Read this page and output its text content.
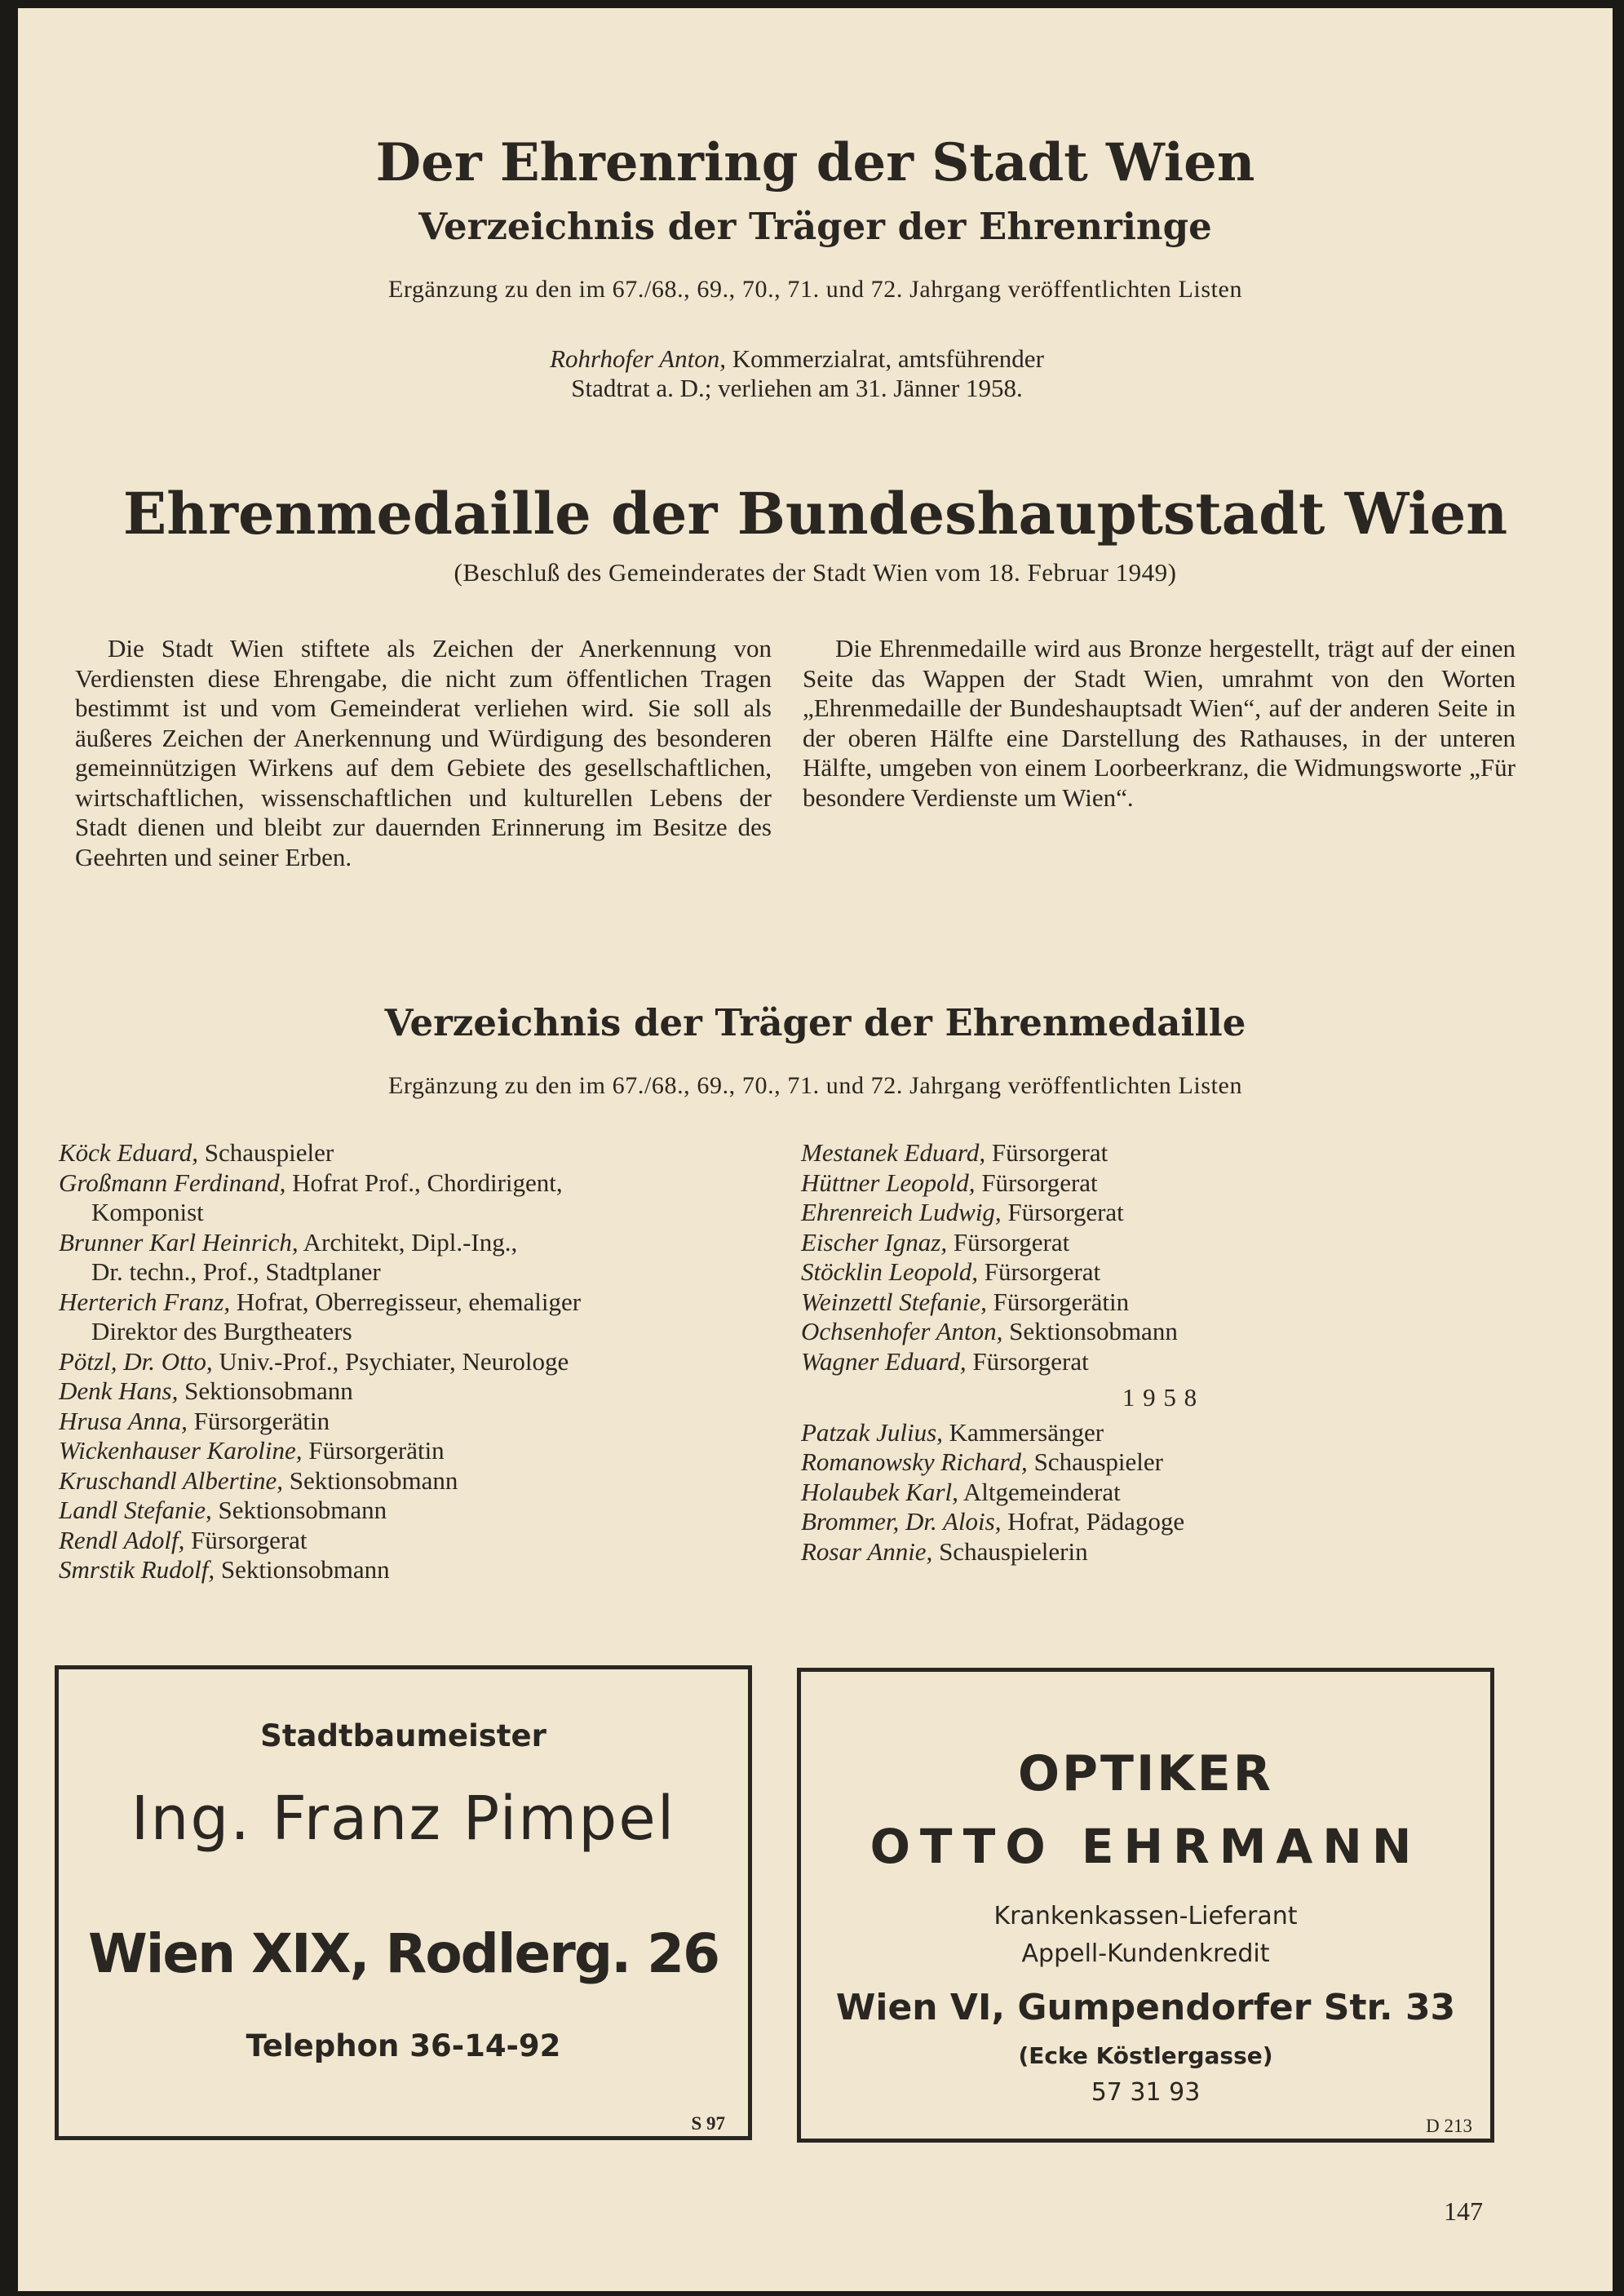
Der Ehrenring der Stadt Wien
Verzeichnis der Träger der Ehrenringe
Ergänzung zu den im 67./68., 69., 70., 71. und 72. Jahrgang veröffentlichten Listen
Rohrhofer Anton, Kommerzialrat, amtsführender
Stadtrat a. D.; verliehen am 31. Jänner 1958.
Ehrenmedaille der Bundeshauptstadt Wien
(Beschluß des Gemeinderates der Stadt Wien vom 18. Februar 1949)

Die Stadt Wien stiftete als Zeichen der Anerkennung von Verdiensten diese Ehrengabe, die nicht zum öffentlichen Tragen bestimmt ist und vom Gemeinderat verliehen wird. Sie soll als äußeres Zeichen der Anerkennung und Würdigung des besonderen gemeinnützigen Wirkens auf dem Gebiete des gesellschaftlichen, wirtschaftlichen, wissenschaftlichen und kulturellen Lebens der Stadt dienen und bleibt zur dauernden Erinnerung im Besitze des Geehrten und seiner Erben.

Die Ehrenmedaille wird aus Bronze hergestellt, trägt auf der einen Seite das Wappen der Stadt Wien, umrahmt von den Worten „Ehrenmedaille der Bundeshauptsadt Wien“, auf der anderen Seite in der oberen Hälfte eine Darstellung des Rathauses, in der unteren Hälfte, umgeben von einem Loorbeerkranz, die Widmungsworte „Für besondere Verdienste um Wien“.

Verzeichnis der Träger der Ehrenmedaille
Ergänzung zu den im 67./68., 69., 70., 71. und 72. Jahrgang veröffentlichten Listen
Köck Eduard, Schauspieler
Großmann Ferdinand, Hofrat Prof., Chordirigent,
Komponist
Brunner Karl Heinrich, Architekt, Dipl.-Ing.,
Dr. techn., Prof., Stadtplaner
Herterich Franz, Hofrat, Oberregisseur, ehemaliger
Direktor des Burgtheaters
Pötzl, Dr. Otto, Univ.-Prof., Psychiater, Neurologe
Denk Hans, Sektionsobmann
Hrusa Anna, Fürsorgerätin
Wickenhauser Karoline, Fürsorgerätin
Kruschandl Albertine, Sektionsobmann
Landl Stefanie, Sektionsobmann
Rendl Adolf, Fürsorgerat
Smrstik Rudolf, Sektionsobmann
Mestanek Eduard, Fürsorgerat
Hüttner Leopold, Fürsorgerat
Ehrenreich Ludwig, Fürsorgerat
Eischer Ignaz, Fürsorgerat
Stöcklin Leopold, Fürsorgerat
Weinzettl Stefanie, Fürsorgerätin
Ochsenhofer Anton, Sektionsobmann
Wagner Eduard, Fürsorgerat
1 9 5 8
Patzak Julius, Kammersänger
Romanowsky Richard, Schauspieler
Holaubek Karl, Altgemeinderat
Brommer, Dr. Alois, Hofrat, Pädagoge
Rosar Annie, Schauspielerin
Stadtbaumeister
Ing. Franz Pimpel
Wien XIX, Rodlerg. 26
Telephon 36-14-92
S 97
OPTIKER
OTTO EHRMANN
Krankenkassen-Lieferant
Appell-Kundenkredit
Wien VI, Gumpendorfer Str. 33
(Ecke Köstlergasse)
57 31 93
D 213
147
